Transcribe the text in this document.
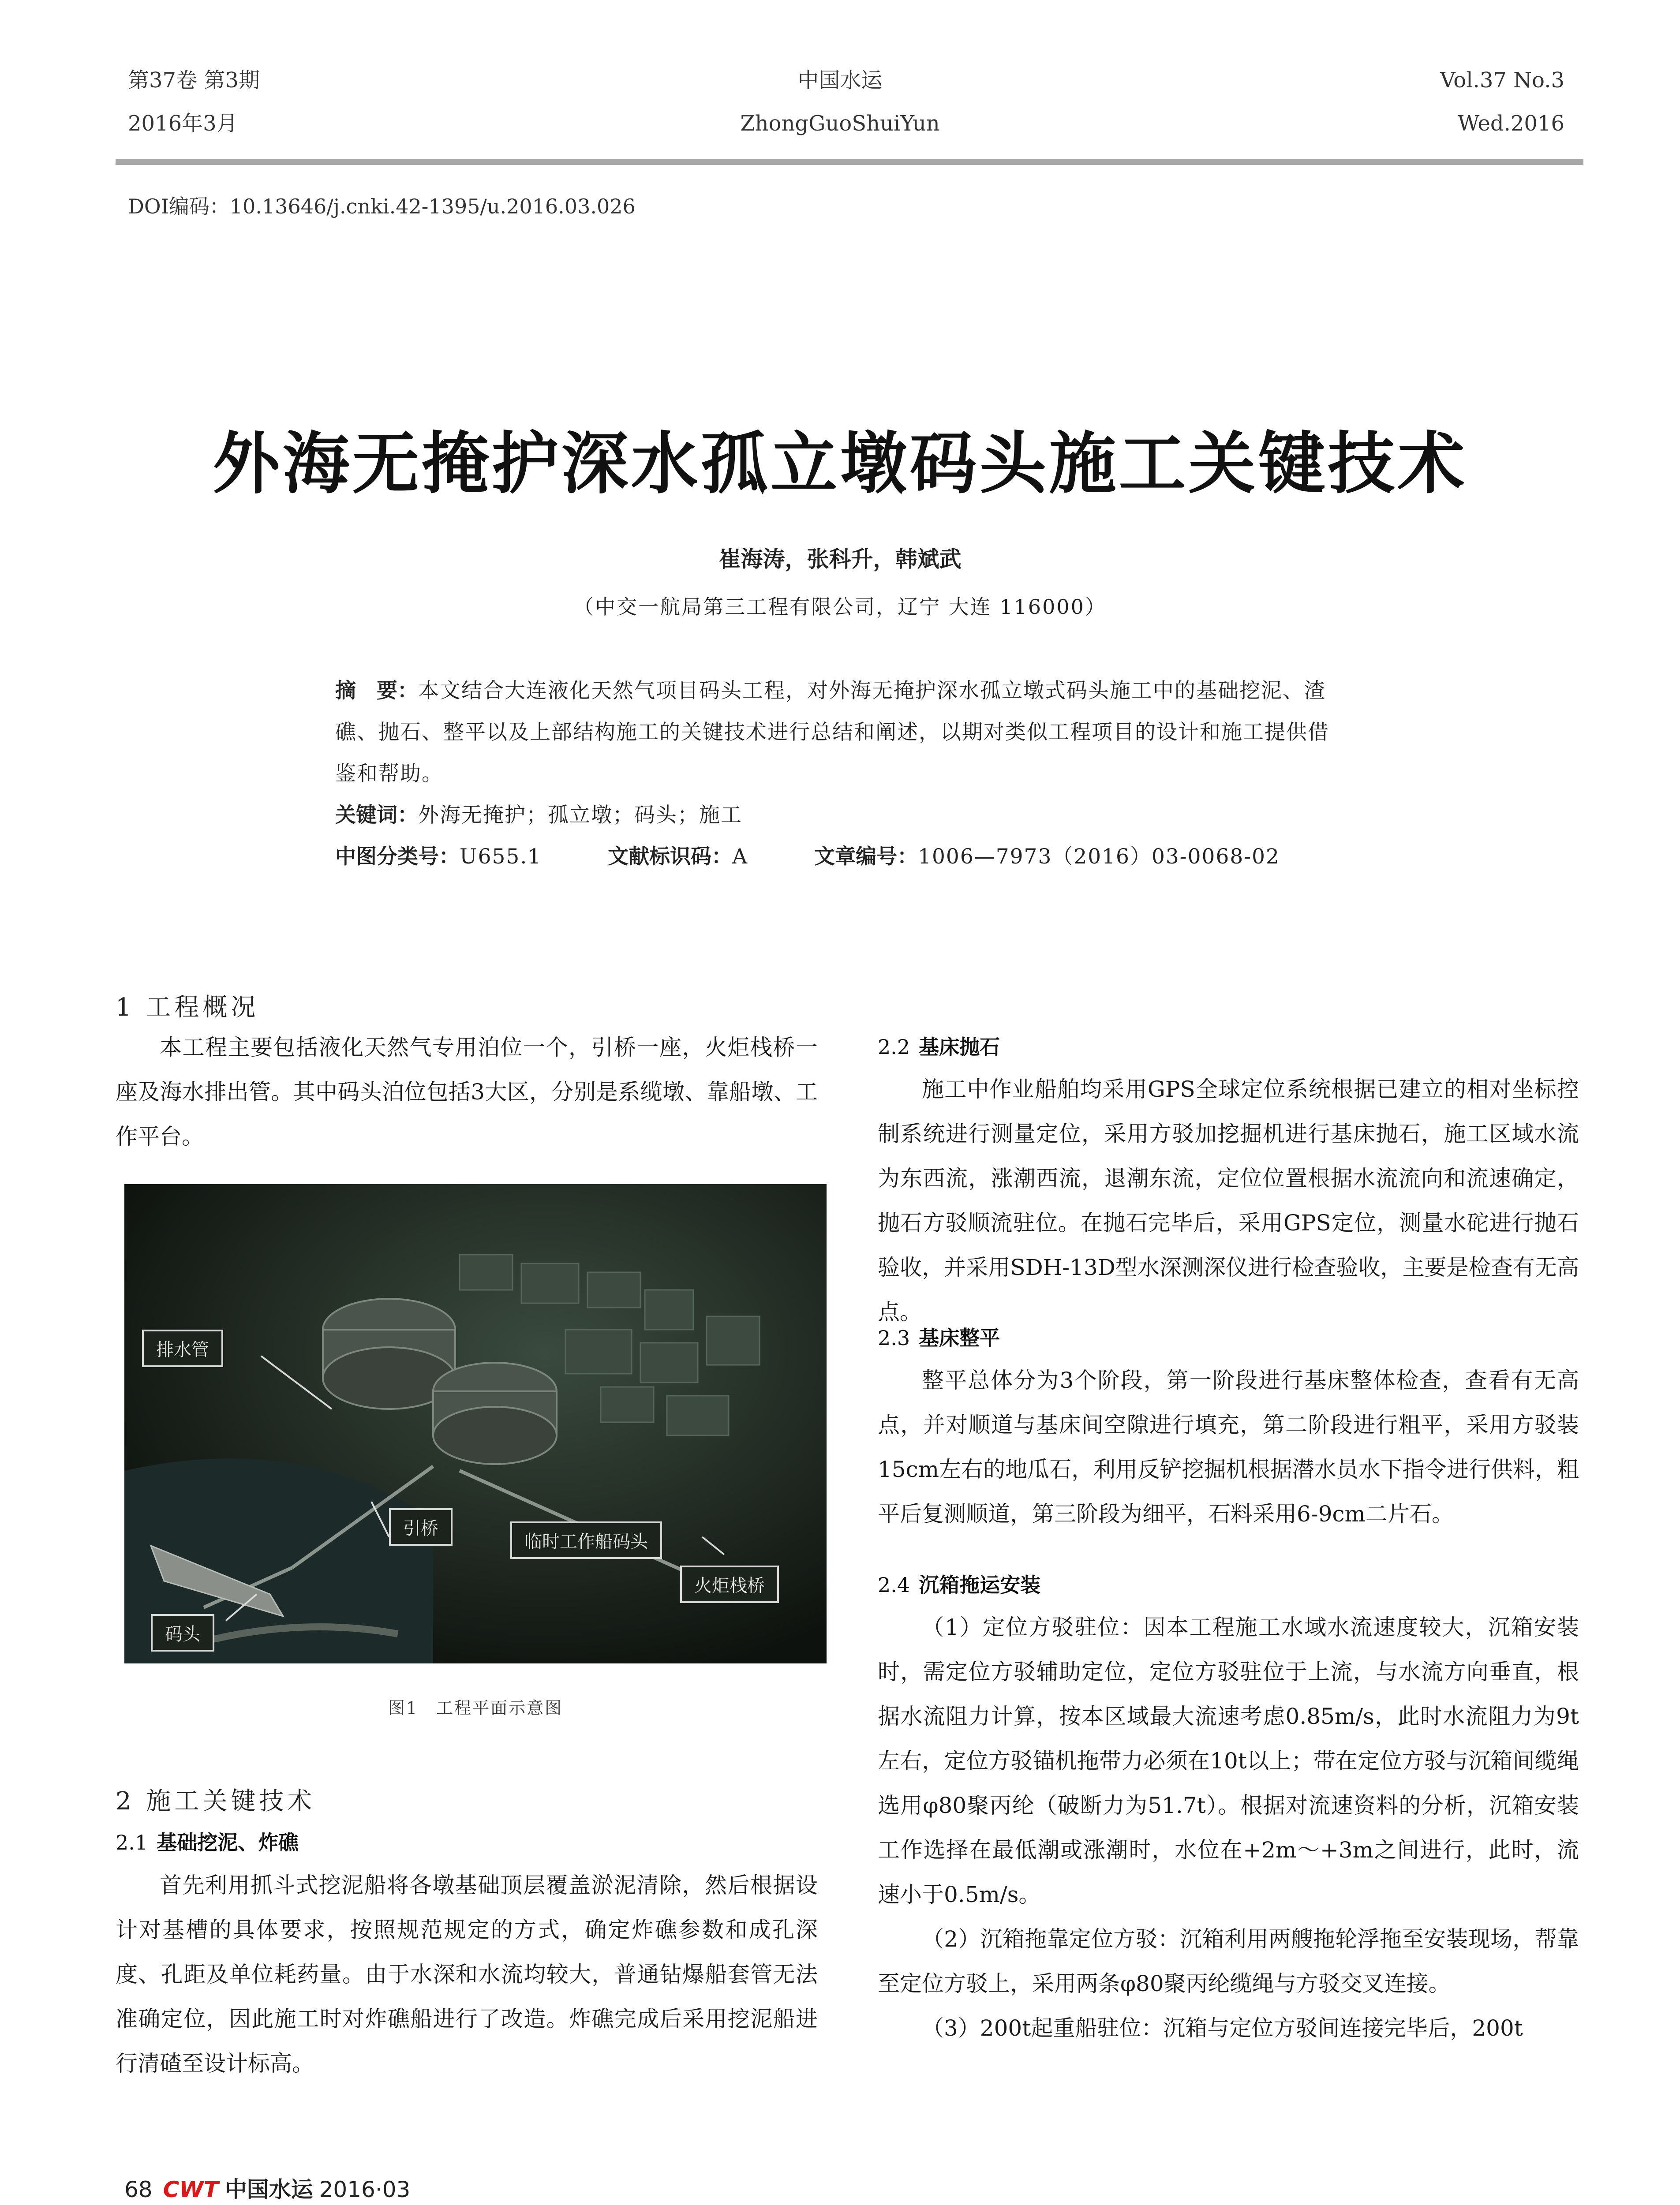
第37卷 第3期
2016年3月
中国水运
ZhongGuoShuiYun
Vol.37 No.3
Wed.2016
DOI编码：10.13646/j.cnki.42-1395/u.2016.03.026
外海无掩护深水孤立墩码头施工关键技术
崔海涛，张科升，韩斌武
（中交一航局第三工程有限公司，辽宁 大连 116000）
摘　要：本文结合大连液化天然气项目码头工程，对外海无掩护深水孤立墩式码头施工中的基础挖泥、渣礁、抛石、整平以及上部结构施工的关键技术进行总结和阐述，以期对类似工程项目的设计和施工提供借鉴和帮助。
关键词：外海无掩护；孤立墩；码头；施工
中图分类号：U655.1	文献标识码：A	文章编号：1006—7973（2016）03-0068-02
1 工程概况

本工程主要包括液化天然气专用泊位一个，引桥一座，火炬栈桥一座及海水排出管。其中码头泊位包括3大区，分别是系缆墩、靠船墩、工作平台。

排水管
引桥
临时工作船码头
火炬栈桥
码头
图1　工程平面示意图
2 施工关键技术
2.1 基础挖泥、炸礁

首先利用抓斗式挖泥船将各墩基础顶层覆盖淤泥清除，然后根据设计对基槽的具体要求，按照规范规定的方式，确定炸礁参数和成孔深度、孔距及单位耗药量。由于水深和水流均较大，普通钻爆船套管无法准确定位，因此施工时对炸礁船进行了改造。炸礁完成后采用挖泥船进行清碴至设计标高。

2.2 基床抛石

施工中作业船舶均采用GPS全球定位系统根据已建立的相对坐标控制系统进行测量定位，采用方驳加挖掘机进行基床抛石，施工区域水流为东西流，涨潮西流，退潮东流，定位位置根据水流流向和流速确定，抛石方驳顺流驻位。在抛石完毕后，采用GPS定位，测量水砣进行抛石验收，并采用SDH-13D型水深测深仪进行检查验收，主要是检查有无高点。

2.3 基床整平

整平总体分为3个阶段，第一阶段进行基床整体检查，查看有无高点，并对顺道与基床间空隙进行填充，第二阶段进行粗平，采用方驳装15cm左右的地瓜石，利用反铲挖掘机根据潜水员水下指令进行供料，粗平后复测顺道，第三阶段为细平，石料采用6-9cm二片石。

2.4 沉箱拖运安装

（1）定位方驳驻位：因本工程施工水域水流速度较大，沉箱安装时，需定位方驳辅助定位，定位方驳驻位于上流，与水流方向垂直，根据水流阻力计算，按本区域最大流速考虑0.85m/s，此时水流阻力为9t左右，定位方驳锚机拖带力必须在10t以上；带在定位方驳与沉箱间缆绳选用φ80聚丙纶（破断力为51.7t）。根据对流速资料的分析，沉箱安装工作选择在最低潮或涨潮时，水位在+2m～+3m之间进行，此时，流速小于0.5m/s。

（2）沉箱拖靠定位方驳：沉箱利用两艘拖轮浮拖至安装现场，帮靠至定位方驳上，采用两条φ80聚丙纶缆绳与方驳交叉连接。

（3）200t起重船驻位：沉箱与定位方驳间连接完毕后，200t

68 CWT 中国水运 2016·03
